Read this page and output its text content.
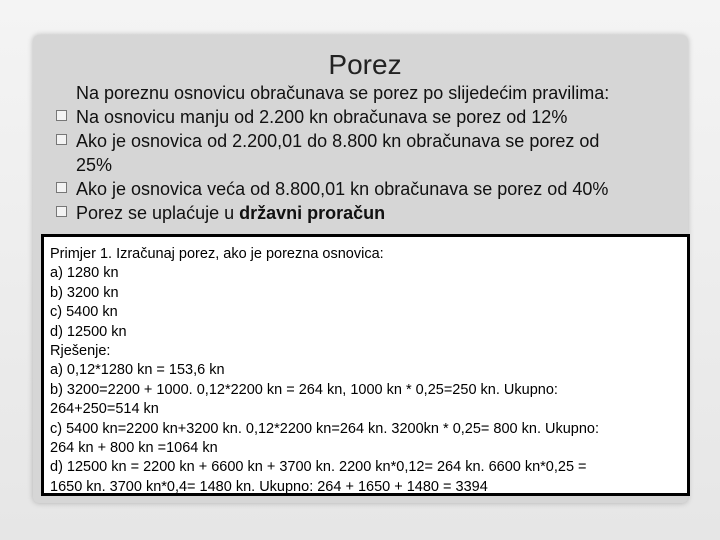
Porez
Na poreznu osnovicu obračunava se porez po slijedećim pravilima:
Na osnovicu manju od 2.200 kn obračunava se porez od 12%
Ako je osnovica od 2.200,01 do 8.800 kn obračunava se porez od
25%
Ako je osnovica veća od 8.800,01 kn obračunava se porez od 40%
Porez se uplaćuje u državni proračun
Primjer 1. Izračunaj porez, ako je porezna osnovica:
a) 1280 kn
b) 3200 kn
c) 5400 kn
d) 12500 kn
Rješenje:
a) 0,12*1280 kn = 153,6 kn
b) 3200=2200 + 1000. 0,12*2200 kn = 264 kn, 1000 kn * 0,25=250 kn. Ukupno:
264+250=514 kn
c) 5400 kn=2200 kn+3200 kn. 0,12*2200 kn=264 kn. 3200kn * 0,25= 800 kn. Ukupno:
264 kn + 800 kn =1064 kn
d) 12500 kn = 2200 kn + 6600 kn + 3700 kn. 2200 kn*0,12= 264 kn. 6600 kn*0,25 =
1650 kn. 3700 kn*0,4= 1480 kn. Ukupno: 264 + 1650 + 1480 = 3394
